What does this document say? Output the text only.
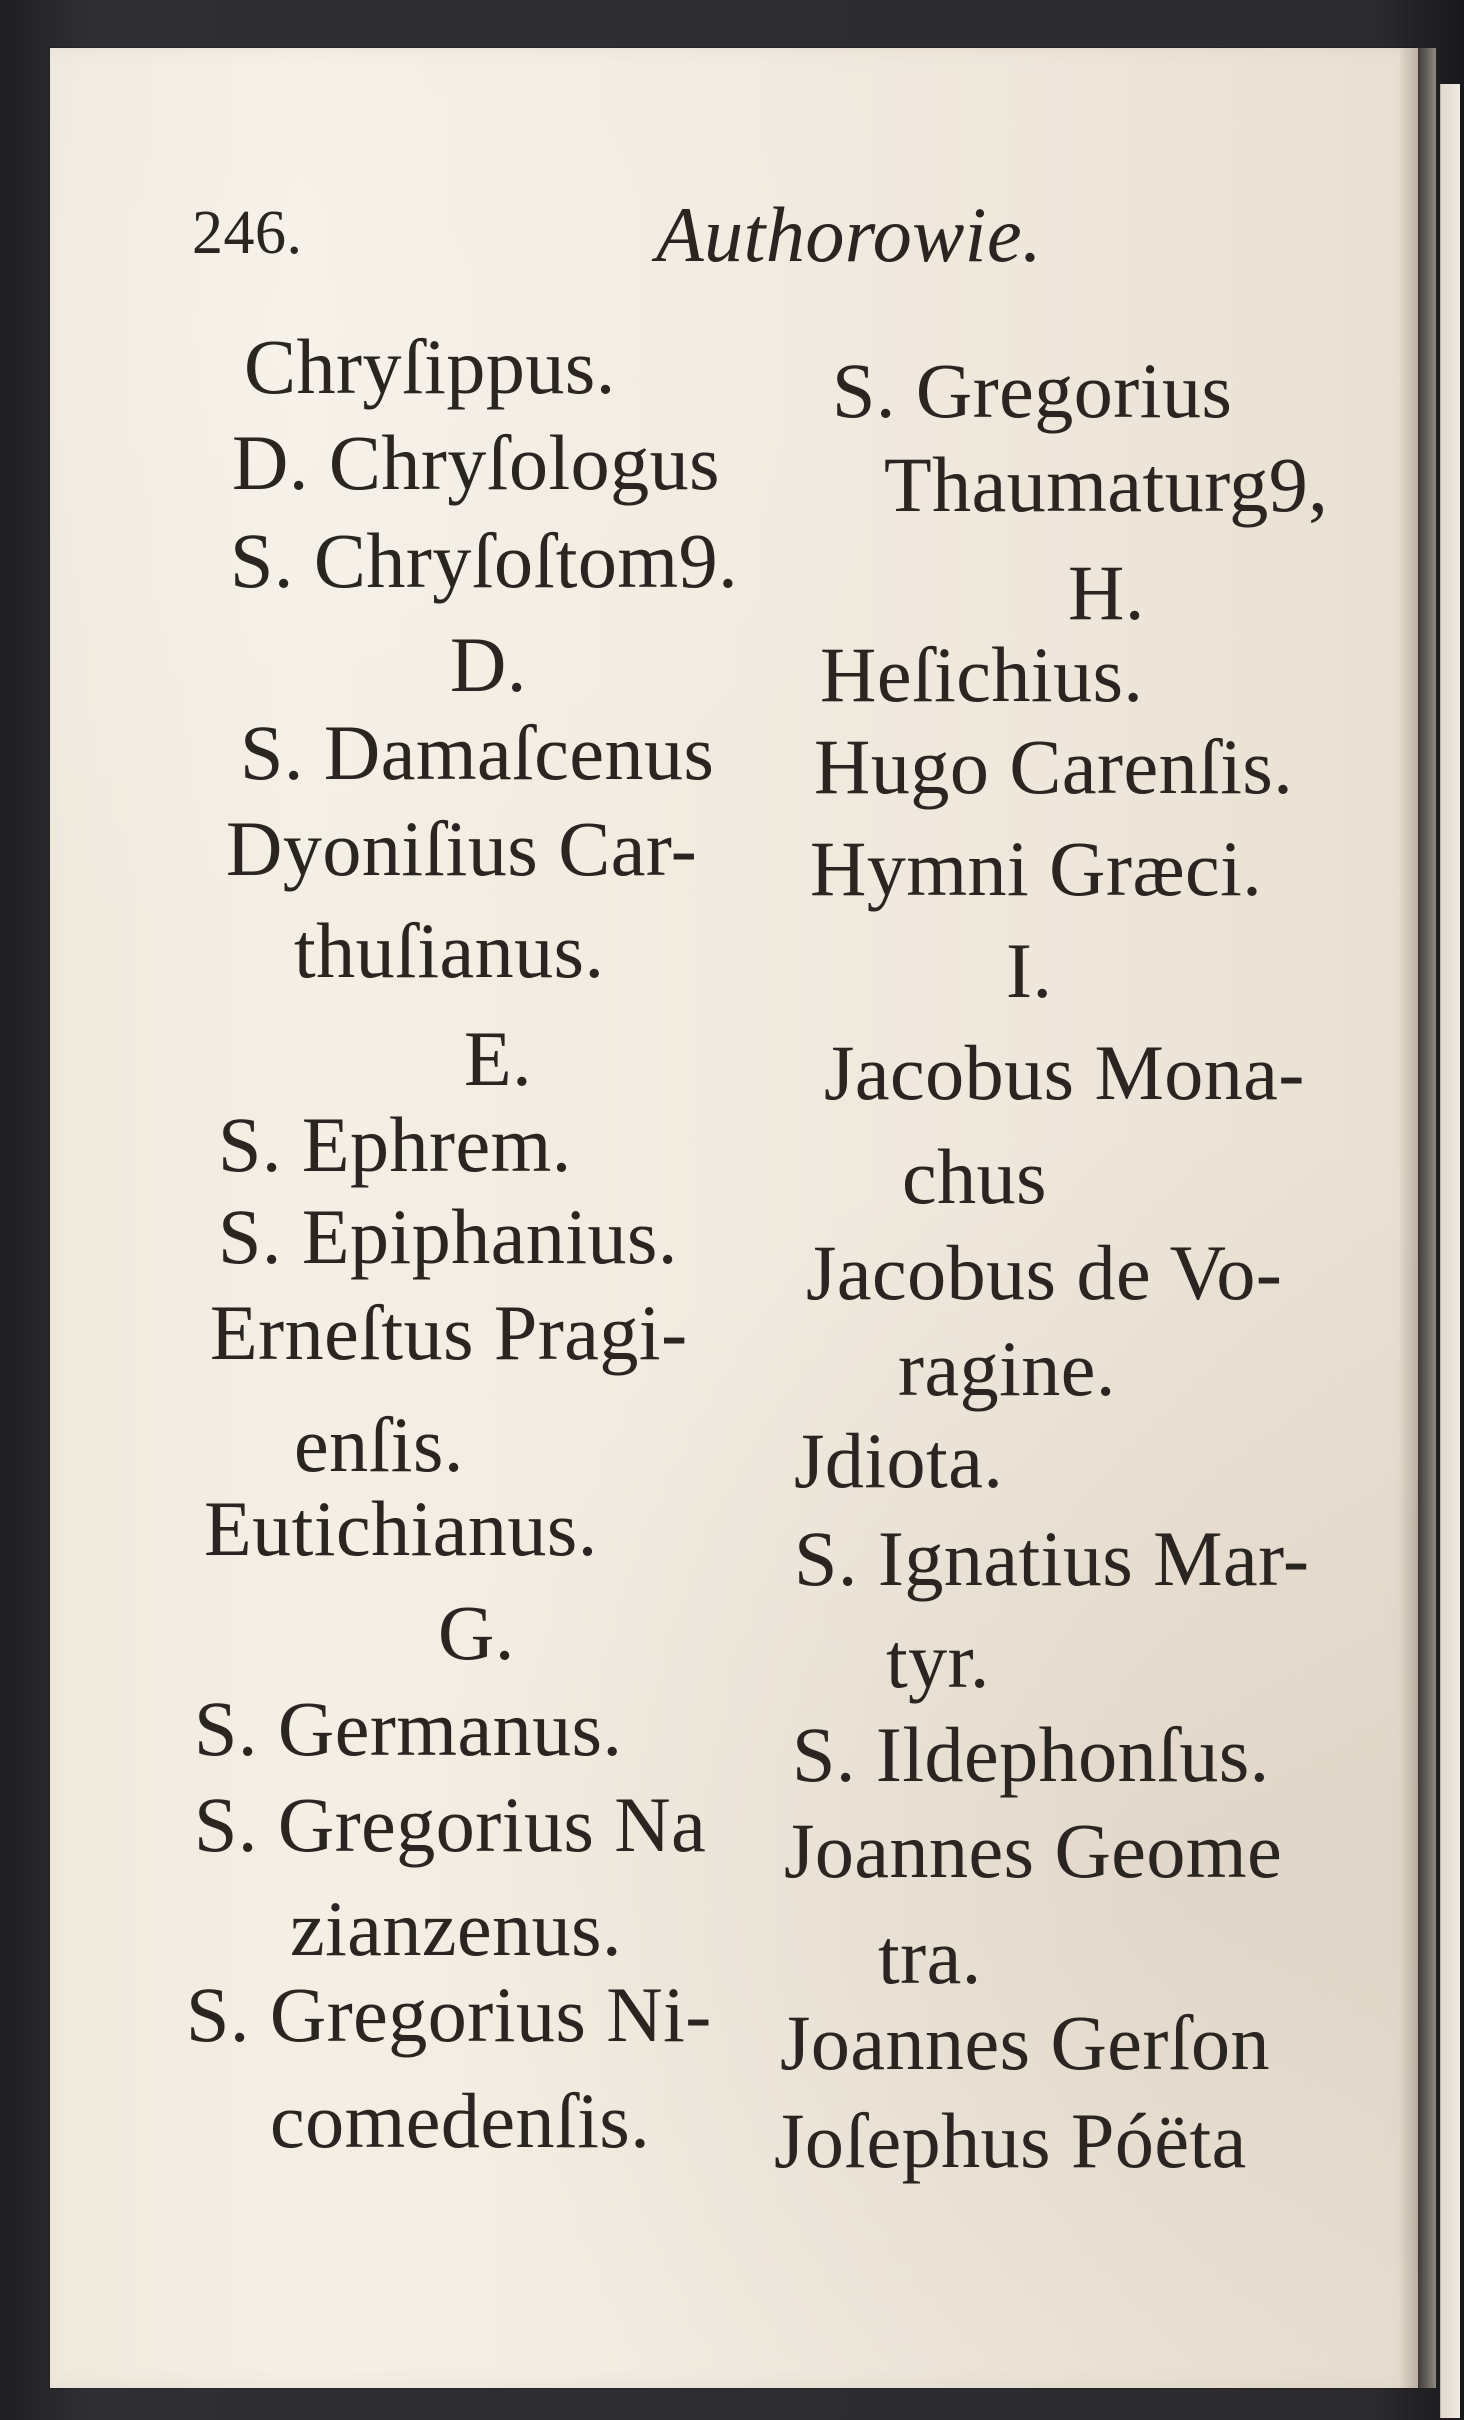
246.	Authorowie.
Chryſippus.
D. Chryſologus
S. Chryſoſtom9.
D.
S. Damaſcenus
Dyoniſius Car-
thuſianus.
E.
S. Ephrem.
S. Epiphanius.
Erneſtus Pragi-
enſis.
Eutichianus.
G.
S. Germanus.
S. Gregorius Na
zianzenus.
S. Gregorius Ni-
comedenſis.
S. Gregorius
Thaumaturg9,
H.
Heſichius.
Hugo Carenſis.
Hymni Græci.
I.
Jacobus Mona-
chus
Jacobus de Vo-
ragine.
Jdiota.
S. Ignatius Mar-
tyr.
S. Ildephonſus.
Joannes Geome
tra.
Joannes Gerſon
Joſephus Póëta
